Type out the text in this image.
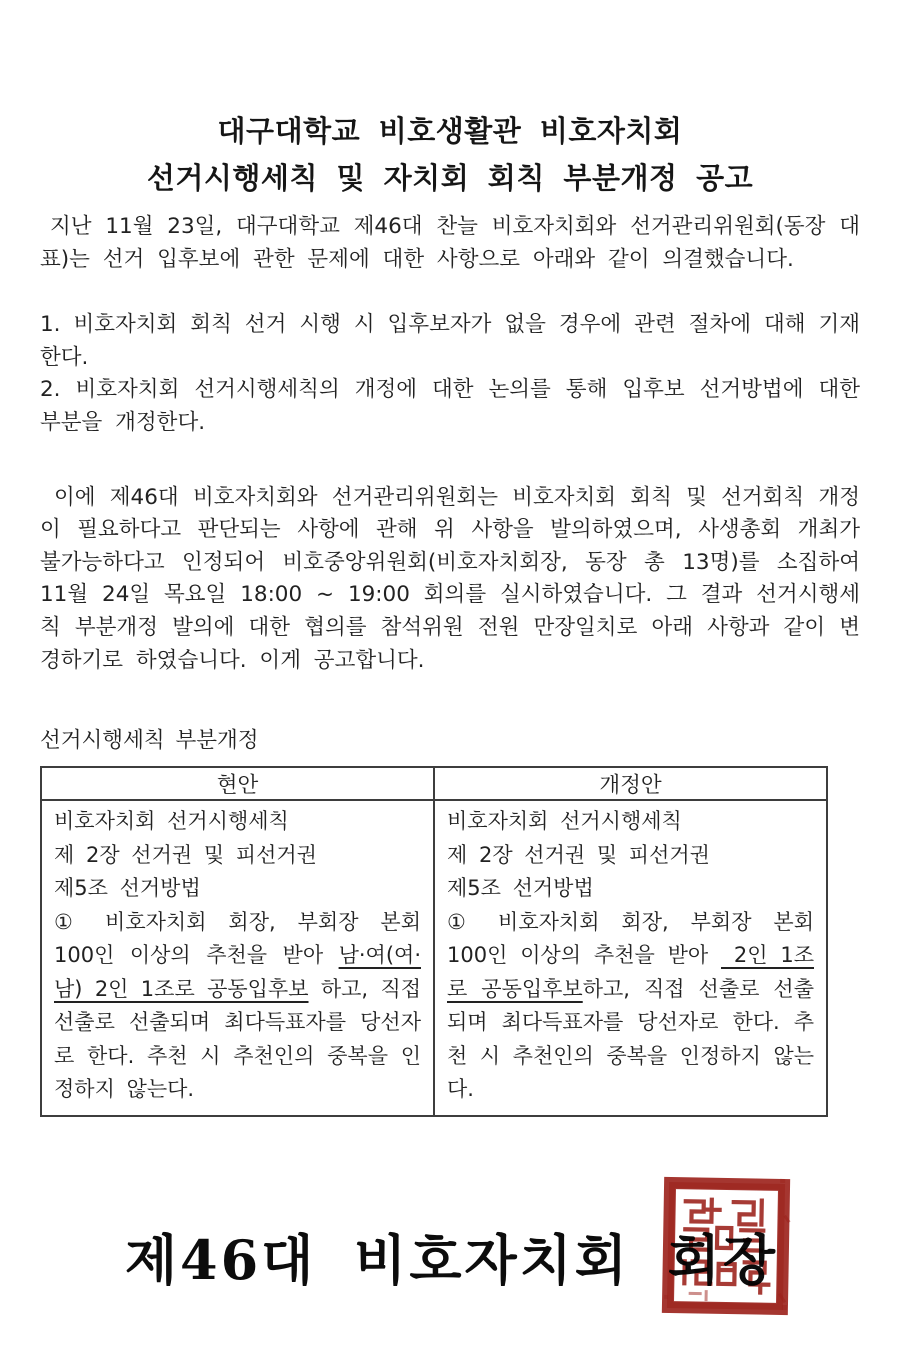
대구대학교 비호생활관 비호자치회
선거시행세칙 및 자치회 회칙 부분개정 공고

지난 11월 23일, 대구대학교 제46대 찬늘 비호자치회와 선거관리위원회(동장 대표)는 선거 입후보에 관한 문제에 대한 사항으로 아래와 같이 의결했습니다.

1. 비호자치회 회칙 선거 시행 시 입후보자가 없을 경우에 관련 절차에 대해 기재한다.

2. 비호자치회 선거시행세칙의 개정에 대한 논의를 통해 입후보 선거방법에 대한 부분을 개정한다.

이에 제46대 비호자치회와 선거관리위원회는 비호자치회 회칙 및 선거회칙 개정이 필요하다고 판단되는 사항에 관해 위 사항을 발의하였으며, 사생총회 개최가 불가능하다고 인정되어 비호중앙위원회(비호자치회장, 동장 총 13명)를 소집하여 11월 24일 목요일 18:00 ~ 19:00 회의를 실시하였습니다. 그 결과 선거시행세칙 부분개정 발의에 대한 협의를 참석위원 전원 만장일치로 아래 사항과 같이 변경하기로 하였습니다. 이게 공고합니다.

선거시행세칙 부분개정

현안	개정안

비호자치회 선거시행세칙
제 2장 선거권 및 피선거권
제5조 선거방법
① 비호자치회 회장, 부회장 본회 100인 이상의 추천을 받아 남·여(여·남) 2인 1조로 공동입후보 하고, 직접 선출로 선출되며 최다득표자를 당선자로 한다. 추천 시 추천인의 중복을 인정하지 않는다.

비호자치회 선거시행세칙
제 2장 선거권 및 피선거권
제5조 선거방법
① 비호자치회 회장, 부회장 본회 100인 이상의 추천을 받아  2인 1조로 공동입후보하고, 직접 선출로 선출되며 최다득표자를 당선자로 한다. 추천 시 추천인의 중복을 인정하지 않는다.
제46대 비호자치회 회장
